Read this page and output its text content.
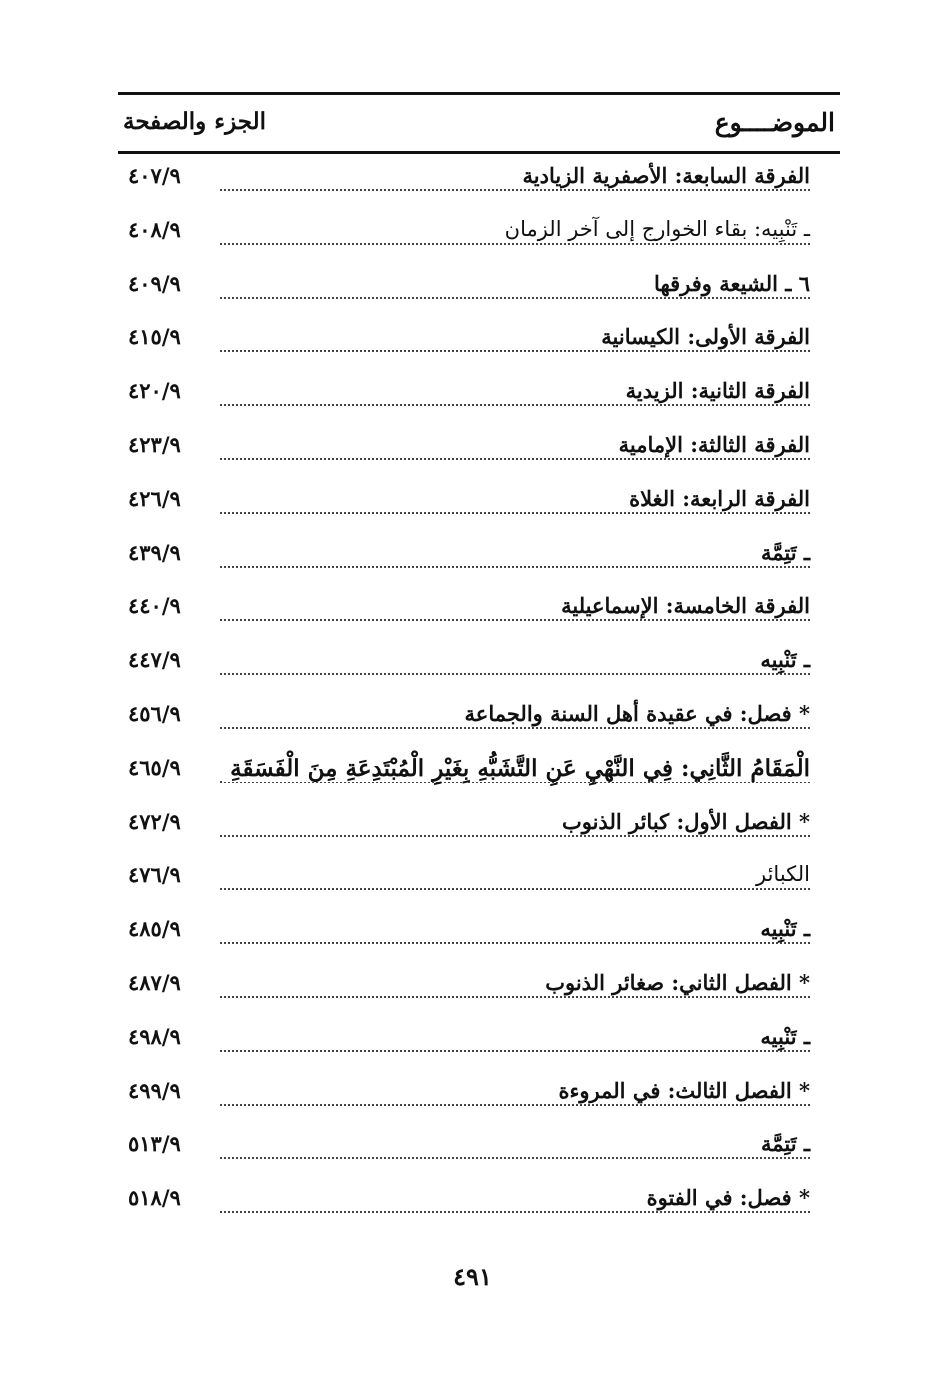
الموضــــوع
الجزء والصفحة
الفرقة السابعة: الأصفرية الزيادية
٤٠٧/٩
ـ تَنْبِيه: بقاء الخوارج إلى آخر الزمان
٤٠٨/٩
٦ ـ الشيعة وفرقها
٤٠٩/٩
الفرقة الأولى: الكيسانية
٤١٥/٩
الفرقة الثانية: الزيدية
٤٢٠/٩
الفرقة الثالثة: الإمامية
٤٢٣/٩
الفرقة الرابعة: الغلاة
٤٢٦/٩
ـ تَتِمَّة
٤٣٩/٩
الفرقة الخامسة: الإسماعيلية
٤٤٠/٩
ـ تَنْبِيه
٤٤٧/٩
* فصل: في عقيدة أهل السنة والجماعة
٤٥٦/٩
الْمَقَامُ الثَّانِي: فِي النَّهْيِ عَنِ التَّشَبُّهِ بِغَيْرِ الْمُبْتَدِعَةِ مِنَ الْفَسَقَةِ
٤٦٥/٩
* الفصل الأول: كبائر الذنوب
٤٧٢/٩
الكبائر
٤٧٦/٩
ـ تَنْبِيه
٤٨٥/٩
* الفصل الثاني: صغائر الذنوب
٤٨٧/٩
ـ تَنْبِيه
٤٩٨/٩
* الفصل الثالث: في المروءة
٤٩٩/٩
ـ تَتِمَّة
٥١٣/٩
* فصل: في الفتوة
٥١٨/٩
٤٩١
